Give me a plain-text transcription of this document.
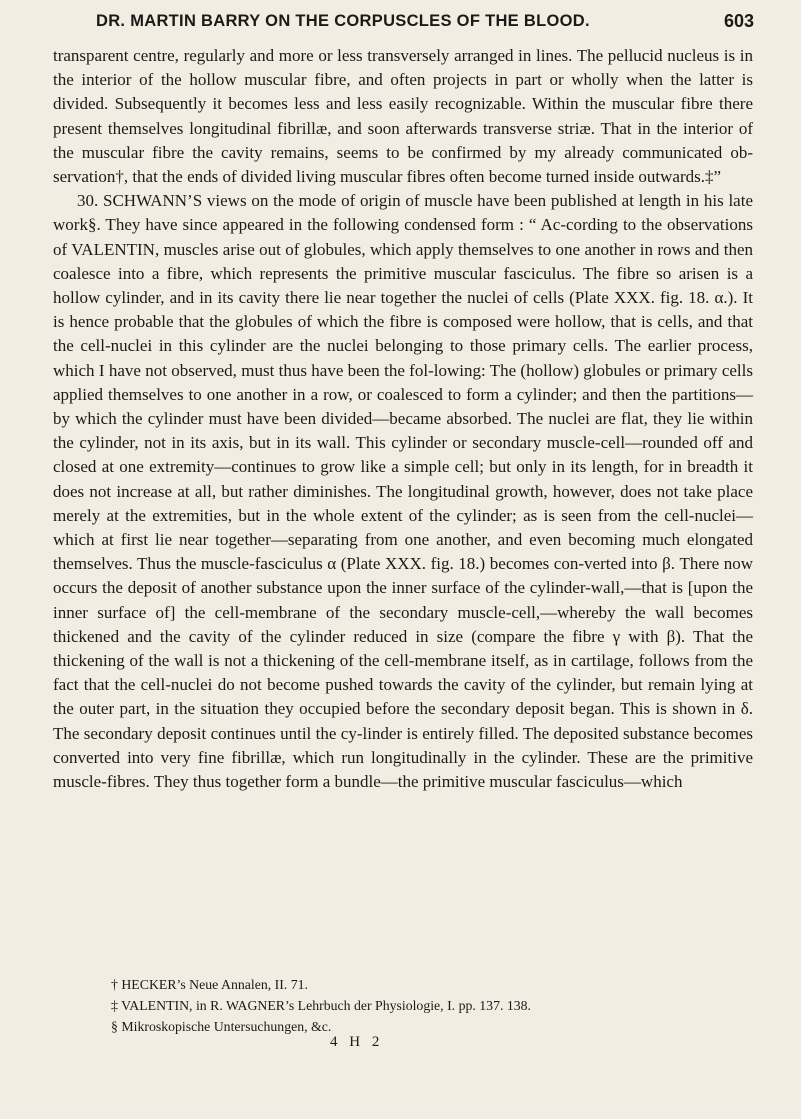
DR. MARTIN BARRY ON THE CORPUSCLES OF THE BLOOD.	603

transparent centre, regularly and more or less transversely arranged in lines. The pellucid nucleus is in the interior of the hollow muscular fibre, and often projects in part or wholly when the latter is divided. Subsequently it becomes less and less easily recognizable. Within the muscular fibre there present themselves longitudinal fibrillæ, and soon afterwards transverse striæ. That in the interior of the muscular fibre the cavity remains, seems to be confirmed by my already communicated ob-servation†, that the ends of divided living muscular fibres often become turned inside outwards.‡”

30. SCHWANN’S views on the mode of origin of muscle have been published at length in his late work§. They have since appeared in the following condensed form : “ Ac-cording to the observations of VALENTIN, muscles arise out of globules, which apply themselves to one another in rows and then coalesce into a fibre, which represents the primitive muscular fasciculus. The fibre so arisen is a hollow cylinder, and in its cavity there lie near together the nuclei of cells (Plate XXX. fig. 18. α.). It is hence probable that the globules of which the fibre is composed were hollow, that is cells, and that the cell-nuclei in this cylinder are the nuclei belonging to those primary cells. The earlier process, which I have not observed, must thus have been the fol-lowing: The (hollow) globules or primary cells applied themselves to one another in a row, or coalesced to form a cylinder; and then the partitions—by which the cylinder must have been divided—became absorbed. The nuclei are flat, they lie within the cylinder, not in its axis, but in its wall. This cylinder or secondary muscle-cell—rounded off and closed at one extremity—continues to grow like a simple cell; but only in its length, for in breadth it does not increase at all, but rather diminishes. The longitudinal growth, however, does not take place merely at the extremities, but in the whole extent of the cylinder; as is seen from the cell-nuclei—which at first lie near together—separating from one another, and even becoming much elongated themselves. Thus the muscle-fasciculus α (Plate XXX. fig. 18.) becomes con-verted into β. There now occurs the deposit of another substance upon the inner surface of the cylinder-wall,—that is [upon the inner surface of] the cell-membrane of the secondary muscle-cell,—whereby the wall becomes thickened and the cavity of the cylinder reduced in size (compare the fibre γ with β). That the thickening of the wall is not a thickening of the cell-membrane itself, as in cartilage, follows from the fact that the cell-nuclei do not become pushed towards the cavity of the cylinder, but remain lying at the outer part, in the situation they occupied before the secondary deposit began. This is shown in δ. The secondary deposit continues until the cy-linder is entirely filled. The deposited substance becomes converted into very fine fibrillæ, which run longitudinally in the cylinder. These are the primitive muscle-fibres. They thus together form a bundle—the primitive muscular fasciculus—which

† HECKER’s Neue Annalen, II. 71.
‡ VALENTIN, in R. WAGNER’s Lehrbuch der Physiologie, I. pp. 137. 138.
§ Mikroskopische Untersuchungen, &c.
4 H 2
